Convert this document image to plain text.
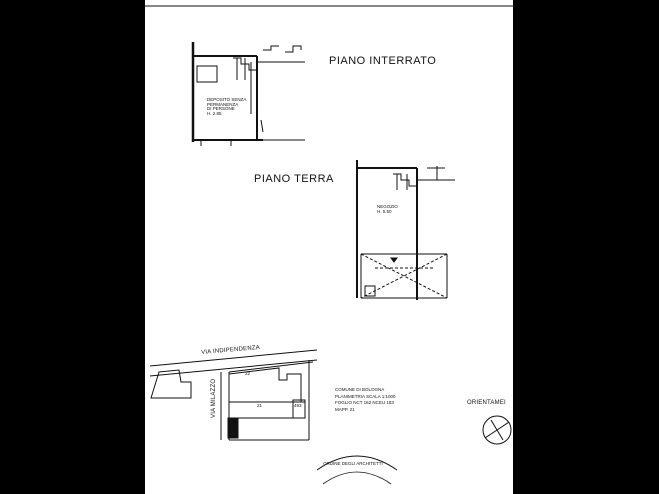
PIANO INTERRATO
DEPOSITO SENZA
PERMANENZA
DI PERSONE
H. 2.85
PIANO TERRA
NEGOZIO
H. 5.50
VIA INDIPENDENZA
VIA MILAZZO
22
21	493
COMUNE DI BOLOGNA
PLANIMETRIA SCALA 1:1000
FOGLIO NCT 162 NCEU 183
MAPP. 21
ORIENTAMEI
ORDINE DEGLI ARCHITETTI
